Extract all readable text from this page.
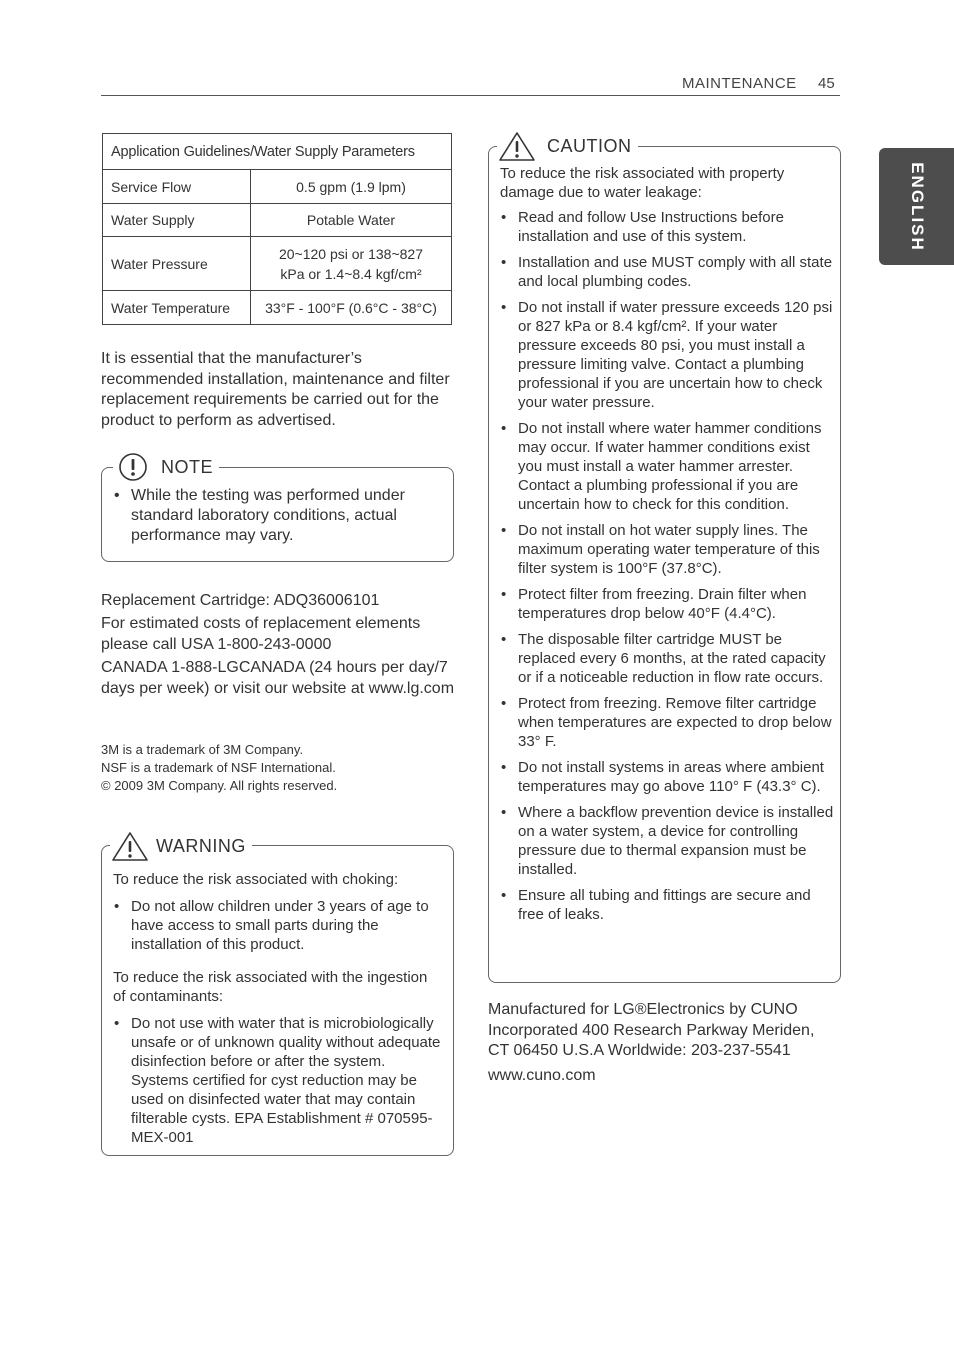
MAINTENANCE 45
ENGLISH
Application Guidelines/Water Supply Parameters	
Service Flow	0.5 gpm (1.9 lpm)
Water Supply	Potable Water
Water Pressure	20~120 psi or 138~827
kPa or 1.4~8.4 kgf/cm²
Water Temperature	33°F - 100°F (0.6°C - 38°C)
It is essential that the manufacturer’s recommended installation, maintenance and filter replacement requirements be carried out for the product to perform as advertised.
NOTE
• While the testing was performed under standard laboratory conditions, actual performance may vary.
Replacement Cartridge: ADQ36006101
For estimated costs of replacement elements please call USA 1-800-243-0000
CANADA 1-888-LGCANADA (24 hours per day/7 days per week) or visit our website at www.lg.com
3M is a trademark of 3M Company.
NSF is a trademark of NSF International.
© 2009 3M Company. All rights reserved.
WARNING

To reduce the risk associated with choking:

• Do not allow children under 3 years of age to have access to small parts during the installation of this product.

To reduce the risk associated with the ingestion of contaminants:

• Do not use with water that is microbiologically unsafe or of unknown quality without adequate disinfection before or after the system. Systems certified for cyst reduction may be used on disinfected water that may contain filterable cysts. EPA Establishment # 070595-MEX-001
CAUTION

To reduce the risk associated with property damage due to water leakage:

• Read and follow Use Instructions before installation and use of this system.
• Installation and use MUST comply with all state and local plumbing codes.
• Do not install if water pressure exceeds 120 psi or 827 kPa or 8.4 kgf/cm². If your water pressure exceeds 80 psi, you must install a pressure limiting valve. Contact a plumbing professional if you are uncertain how to check your water pressure.
• Do not install where water hammer conditions may occur. If water hammer conditions exist you must install a water hammer arrester. Contact a plumbing professional if you are uncertain how to check for this condition.
• Do not install on hot water supply lines. The maximum operating water temperature of this filter system is 100°F (37.8°C).
• Protect filter from freezing. Drain filter when temperatures drop below 40°F (4.4°C).
• The disposable filter cartridge MUST be replaced every 6 months, at the rated capacity or if a noticeable reduction in flow rate occurs.
• Protect from freezing. Remove filter cartridge when temperatures are expected to drop below 33° F.
• Do not install systems in areas where ambient temperatures may go above 110° F (43.3° C).
• Where a backflow prevention device is installed on a water system, a device for controlling pressure due to thermal expansion must be installed.
• Ensure all tubing and fittings are secure and free of leaks.
Manufactured for LG®Electronics by CUNO Incorporated 400 Research Parkway Meriden, CT 06450 U.S.A Worldwide: 203-237-5541
www.cuno.com
